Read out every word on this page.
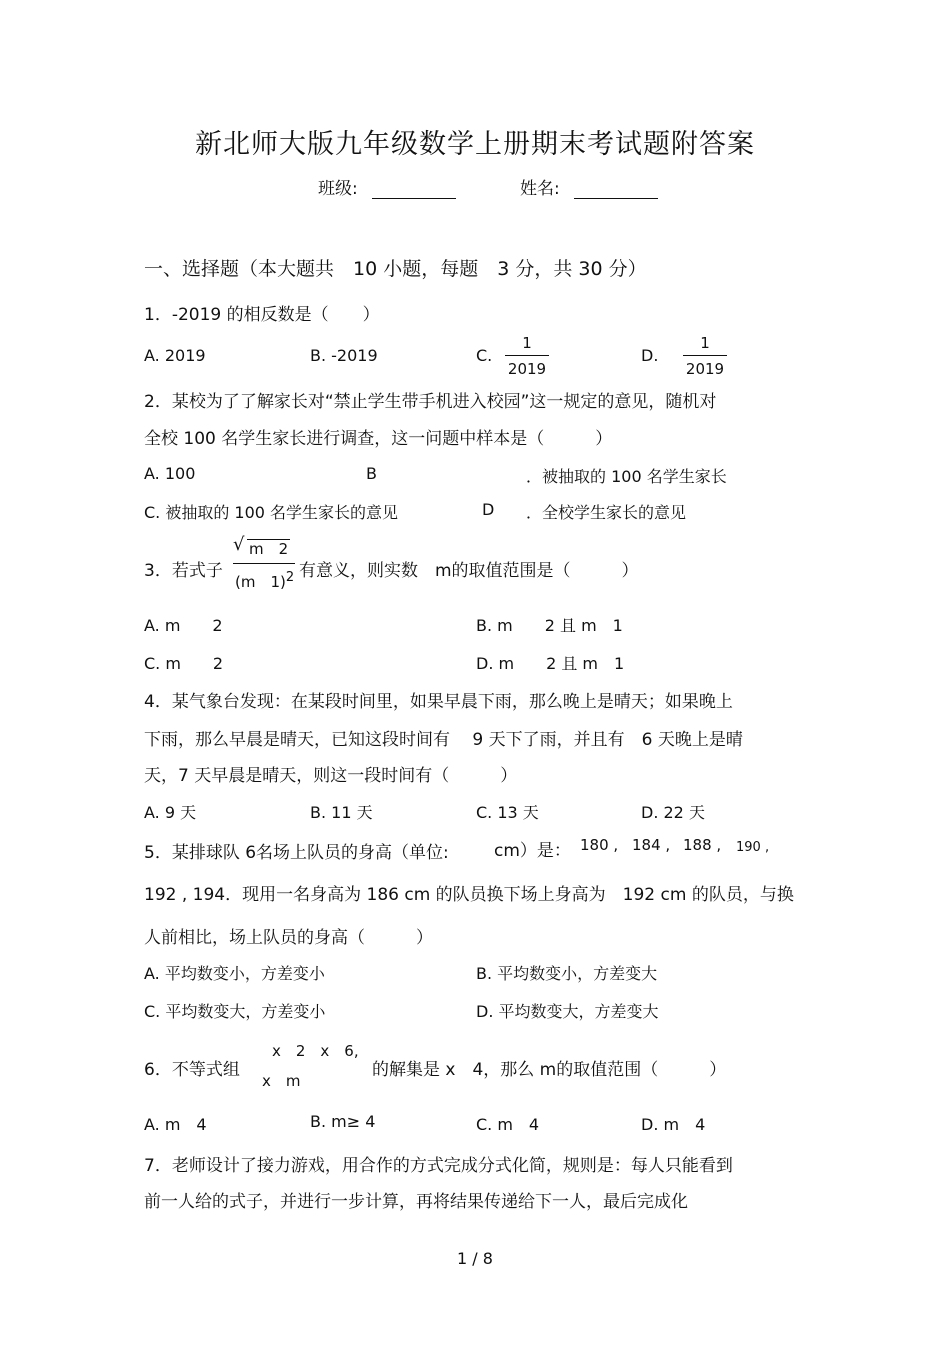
新北师大版九年级数学上册期末考试题附答案
班级:	姓名:
一、选择题（本大题共　10 小题，每题　3 分，共 30 分）
1．-2019 的相反数是（　　）
A. 2019	B. -2019	C. $\frac{1}{2019}$	D. $\frac{1}{2019}$
2．某校为了了解家长对“禁止学生带手机进入校园”这一规定的意见，随机对
全校 100 名学生家长进行调查，这一问题中样本是（　　　）
A. 100	B	．被抽取的 100 名学生家长
C. 被抽取的 100 名学生家长的意见	D ．全校学生家长的意见
3．若式子
√ m　2
(m　1)$^2$ 有意义，则实数　m的取值范围是（　　　）
A. m　　2	B. m　　2 且 m　1
C. m　　2	D. m　　2 且 m　1
4．某气象台发现：在某段时间里，如果早晨下雨，那么晚上是晴天；如果晚上
下雨，那么早晨是晴天，已知这段时间有　 9 天下了雨，并且有　6 天晚上是晴
天，7 天早晨是晴天，则这一段时间有（　　　）
A. 9 天	B. 11 天	C. 13 天	D. 22 天
5．某排球队 6名场上队员的身高（单位:	cm）是： 180 , 184 , 188 , 190 ,
192 , 194．现用一名身高为 186 cm 的队员换下场上身高为　192 cm 的队员，与换
人前相比，场上队员的身高（　　　）
A. 平均数变小，方差变小	B. 平均数变小，方差变大
C. 平均数变大，方差变小	D. 平均数变大，方差变大
6．不等式组
x　2　x　6,
x　m
的解集是 x　4，那么 m的取值范围（　　　）
A. m　4	B. m≥ 4	C. m　4	D. m　4
7．老师设计了接力游戏，用合作的方式完成分式化简，规则是：每人只能看到
前一人给的式子，并进行一步计算，再将结果传递给下一人，最后完成化
1 / 8
